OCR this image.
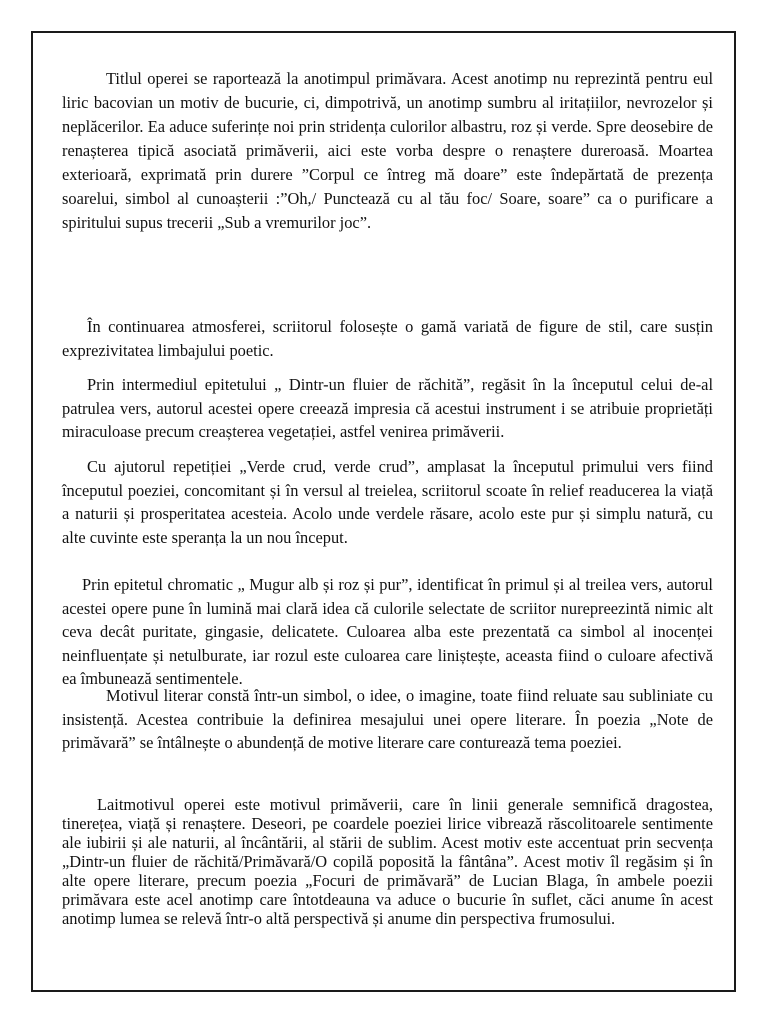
Titlul operei se raportează la anotimpul primăvara. Acest anotimp nu reprezintă pentru eul liric bacovian un motiv de bucurie, ci, dimpotrivă, un anotimp sumbru al iritațiilor, nevrozelor și neplăcerilor. Ea aduce suferințe noi prin stridența culorilor albastru, roz și verde. Spre deosebire de renașterea tipică asociată primăverii, aici este vorba despre o renaștere dureroasă. Moartea exterioară, exprimată prin durere ”Corpul ce întreg mă doare” este îndepărtată de prezența soarelui, simbol al cunoașterii :”Oh,/ Punctează cu al tău foc/ Soare, soare” ca o purificare a spiritului supus trecerii „Sub a vremurilor joc”.

În continuarea atmosferei, scriitorul folosește o gamă variată de figure de stil, care susțin exprezivitatea limbajului poetic.

Prin intermediul epitetului „ Dintr-un fluier de răchită”, regăsit în la începutul celui de-al patrulea vers, autorul acestei opere creează impresia că acestui instrument i se atribuie proprietăți miraculoase precum creașterea vegetației, astfel venirea primăverii.

Cu ajutorul repetiției „Verde crud, verde crud”, amplasat la începutul primului vers fiind începutul poeziei, concomitant și în versul al treielea, scriitorul scoate în relief readucerea la viață a naturii și prosperitatea acesteia. Acolo unde verdele răsare, acolo este pur și simplu natură, cu alte cuvinte este speranța la un nou început.

Prin epitetul chromatic „ Mugur alb și roz și pur”, identificat în primul și al treilea vers, autorul acestei opere pune în lumină mai clară idea că culorile selectate de scriitor nurepreezintă nimic alt ceva decât puritate, gingasie, delicatete. Culoarea alba este prezentată ca simbol al inocenței neinfluențate și netulburate, iar rozul este culoarea care liniștește, aceasta fiind o culoare afectivă ea îmbunează sentimentele.

Motivul literar constă într-un simbol, o idee, o imagine, toate fiind reluate sau subliniate cu insistență. Acestea contribuie la definirea mesajului unei opere literare. În poezia „Note de primăvară” se întâlnește o abundență de motive literare care conturează tema poeziei.

Laitmotivul operei este motivul primăverii, care în linii generale semnifică dragostea, tinerețea, viață și renaștere. Deseori, pe coardele poeziei lirice vibrează răscolitoarele sentimente ale iubirii și ale naturii, al încântării, al stării de sublim. Acest motiv este accentuat prin secvența „Dintr-un fluier de răchită/Primăvară/O copilă poposită la fântâna”. Acest motiv îl regăsim și în alte opere literare, precum poezia „Focuri de primăvară” de Lucian Blaga, în ambele poezii primăvara este acel anotimp care întotdeauna va aduce o bucurie în suflet, căci anume în acest anotimp lumea se relevă într-o altă perspectivă și anume din perspectiva frumosului.
